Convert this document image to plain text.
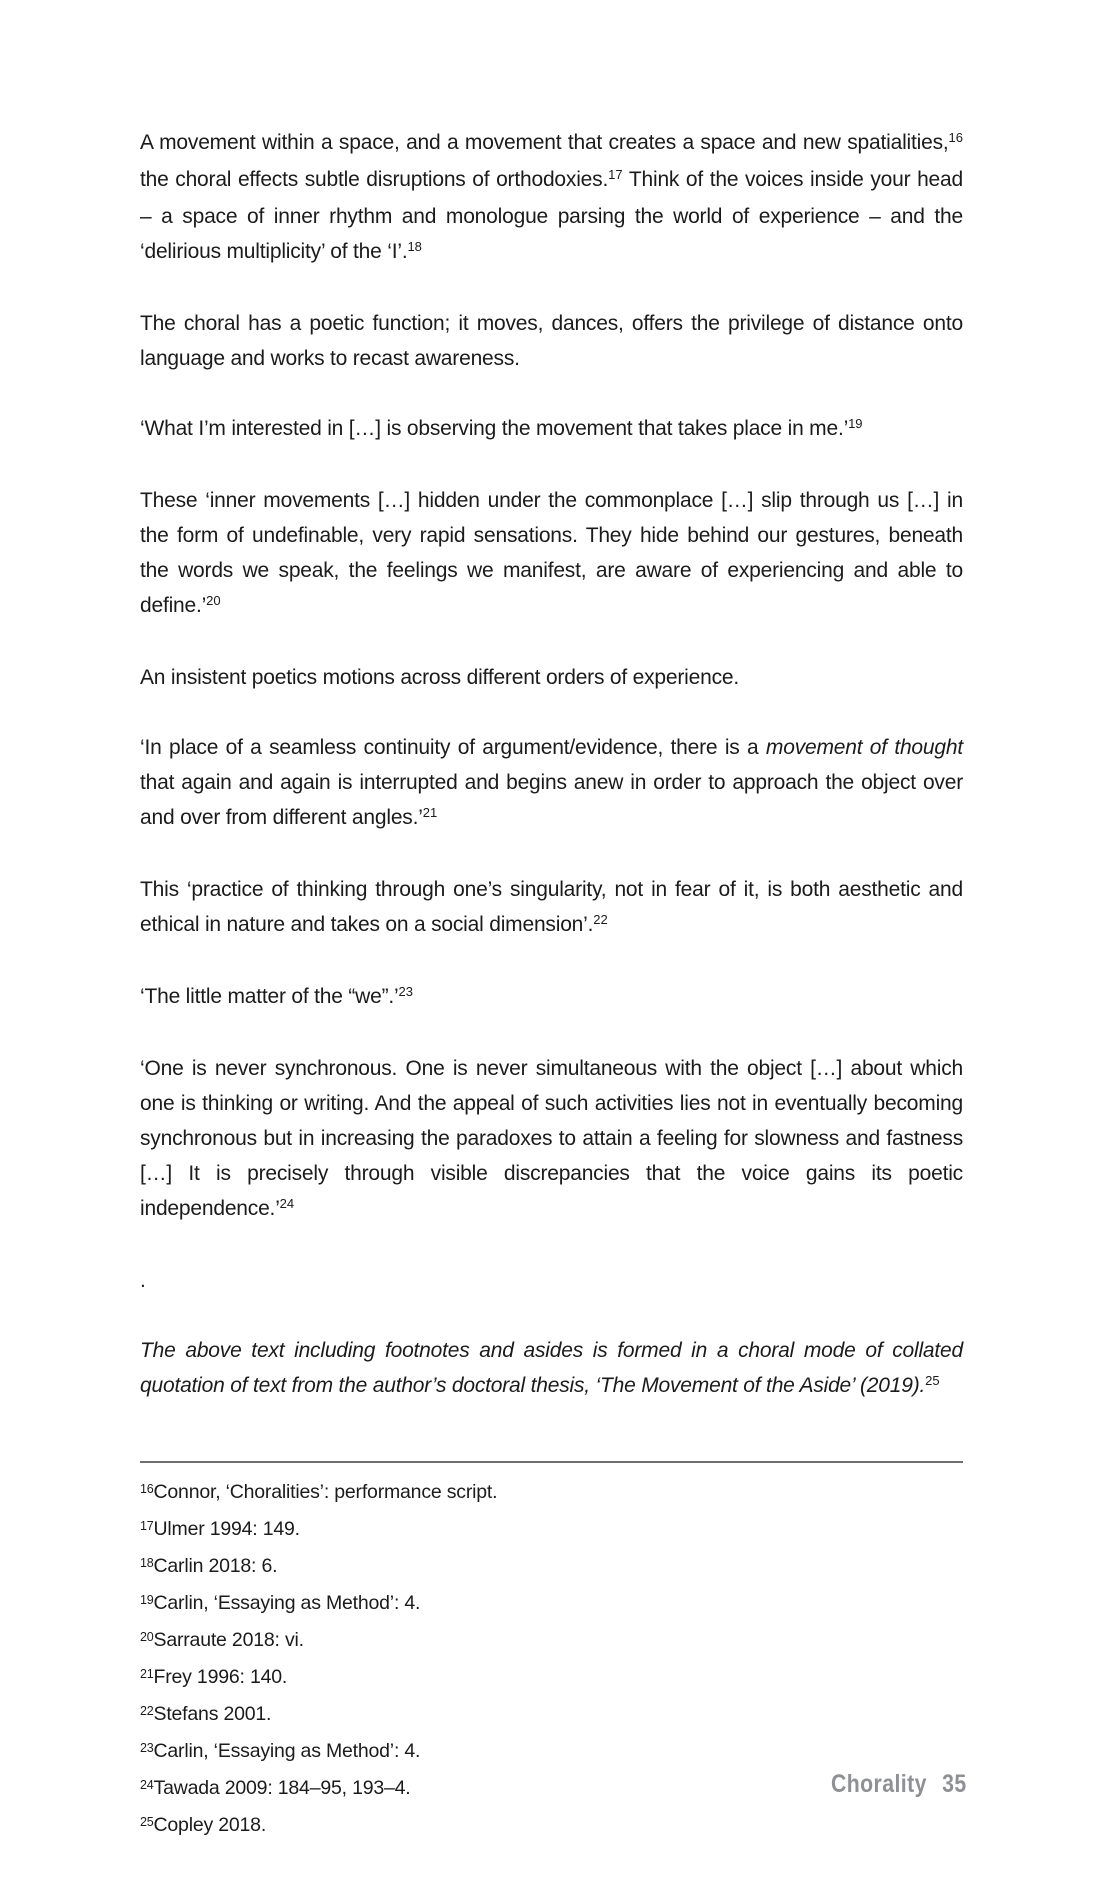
A movement within a space, and a movement that creates a space and new spatialities,$^{16}$ the choral effects subtle disruptions of orthodoxies.$^{17}$ Think of the voices inside your head – a space of inner rhythm and monologue parsing the world of experience – and the ‘delirious multiplicity’ of the ‘I’.$^{18}$

The choral has a poetic function; it moves, dances, offers the privilege of distance onto language and works to recast awareness.

‘What I’m interested in […] is observing the movement that takes place in me.’$^{19}$

These ‘inner movements […] hidden under the commonplace […] slip through us […] in the form of undefinable, very rapid sensations. They hide behind our gestures, beneath the words we speak, the feelings we manifest, are aware of experiencing and able to define.’$^{20}$

An insistent poetics motions across different orders of experience.

‘In place of a seamless continuity of argument/evidence, there is a movement of thought that again and again is interrupted and begins anew in order to approach the object over and over from different angles.’$^{21}$

This ‘practice of thinking through one’s singularity, not in fear of it, is both aesthetic and ethical in nature and takes on a social dimension’.$^{22}$

‘The little matter of the “we”.’$^{23}$

‘One is never synchronous. One is never simultaneous with the object […] about which one is thinking or writing. And the appeal of such activities lies not in eventually becoming synchronous but in increasing the paradoxes to attain a feeling for slowness and fastness […] It is precisely through visible discrepancies that the voice gains its poetic independence.’$^{24}$

.

The above text including footnotes and asides is formed in a choral mode of collated quotation of text from the author’s doctoral thesis, ‘The Movement of the Aside’ (2019).$^{25}$

$^{16}$Connor, ‘Choralities’: performance script.
$^{17}$Ulmer 1994: 149.
$^{18}$Carlin 2018: 6.
$^{19}$Carlin, ‘Essaying as Method’: 4.
$^{20}$Sarraute 2018: vi.
$^{21}$Frey 1996: 140.
$^{22}$Stefans 2001.
$^{23}$Carlin, ‘Essaying as Method’: 4.
$^{24}$Tawada 2009: 184–95, 193–4.
$^{25}$Copley 2018.
Chorality 35
